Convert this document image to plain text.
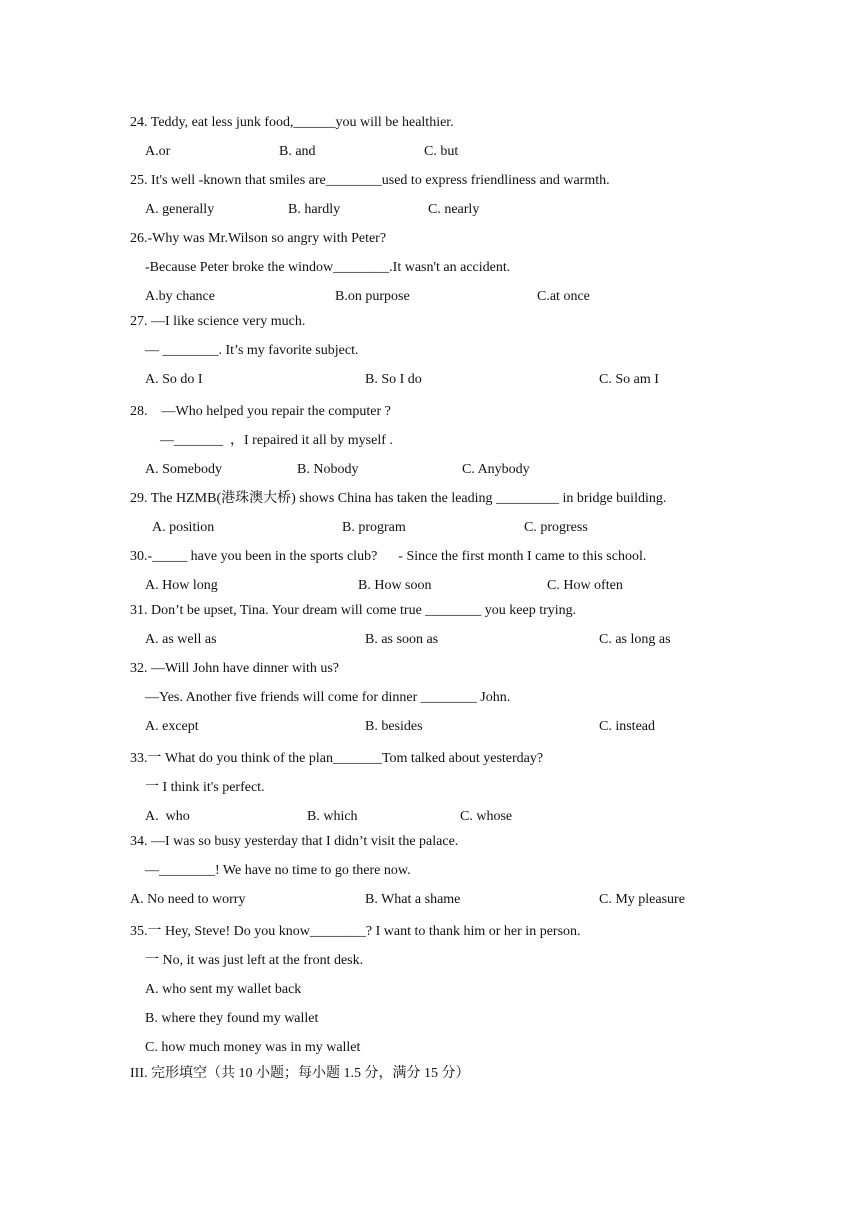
24. Teddy, eat less junk food,______you will be healthier.
A.or	B. and	C. but
25. It's well -known that smiles are________used to express friendliness and warmth.
A. generally	B. hardly	C. nearly
26.-Why was Mr.Wilson so angry with Peter?
-Because Peter broke the window________.It wasn't an accident.
A.by chance	B.on purpose	C.at once
27. —I like science very much.
— ________. It’s my favorite subject.
A. So do I	B. So I do	C. So am I
28.    —Who helped you repair the computer ?
—_______  ，I repaired it all by myself .
A. Somebody	B. Nobody	C. Anybody
29. The HZMB(港珠澳大桥) shows China has taken the leading _________ in bridge building.
A. position	B. program	C. progress
30.-_____ have you been in the sports club?      - Since the first month I came to this school.
A. How long	B. How soon	C. How often
31. Don’t be upset, Tina. Your dream will come true ________ you keep trying.
A. as well as	B. as soon as	C. as long as
32. —Will John have dinner with us?
—Yes. Another five friends will come for dinner ________ John.
A. except	B. besides	C. instead
33.一 What do you think of the plan_______Tom talked about yesterday?
一 I think it's perfect.
A.  who	B. which	C. whose
34. —I was so busy yesterday that I didn’t visit the palace.
—________! We have no time to go there now.
A. No need to worry	B. What a shame	C. My pleasure
35.一 Hey, Steve! Do you know________? I want to thank him or her in person.
一 No, it was just left at the front desk.
A. who sent my wallet back
B. where they found my wallet
C. how much money was in my wallet
III. 完形填空（共 10 小题；每小题 1.5 分，满分 15 分）
